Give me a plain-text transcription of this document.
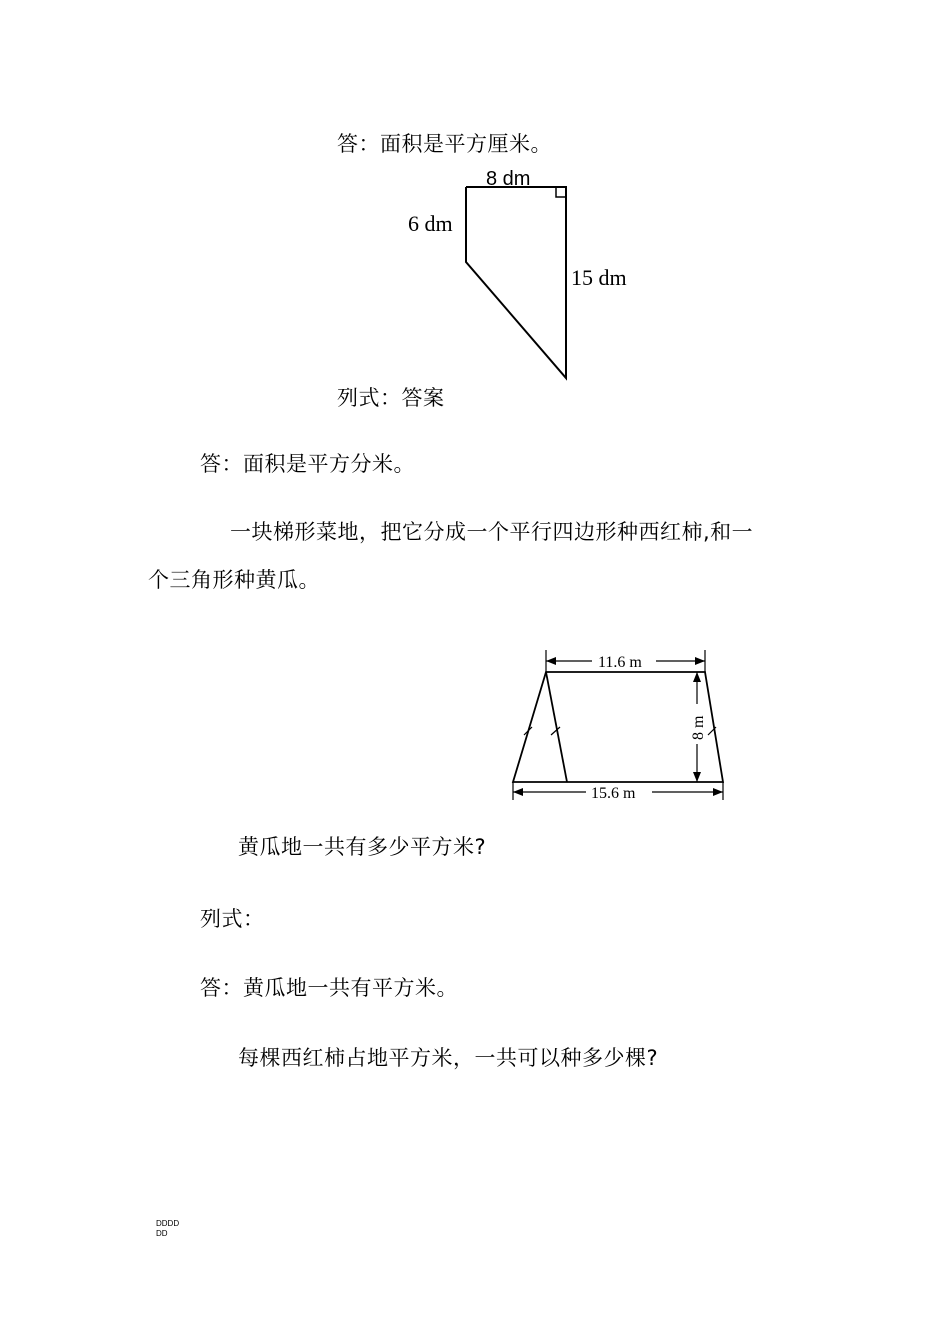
答：面积是平方厘米。
8 dm
6 dm
15 dm
11.6 m
8 m
15.6 m
列式：答案
答：面积是平方分米。
一块梯形菜地，把它分成一个平行四边形种西红柿,和一
个三角形种黄瓜。
黄瓜地一共有多少平方米?
列式：
答：黄瓜地一共有平方米。
每棵西红柿占地平方米，一共可以种多少棵?
DDDD
DD
